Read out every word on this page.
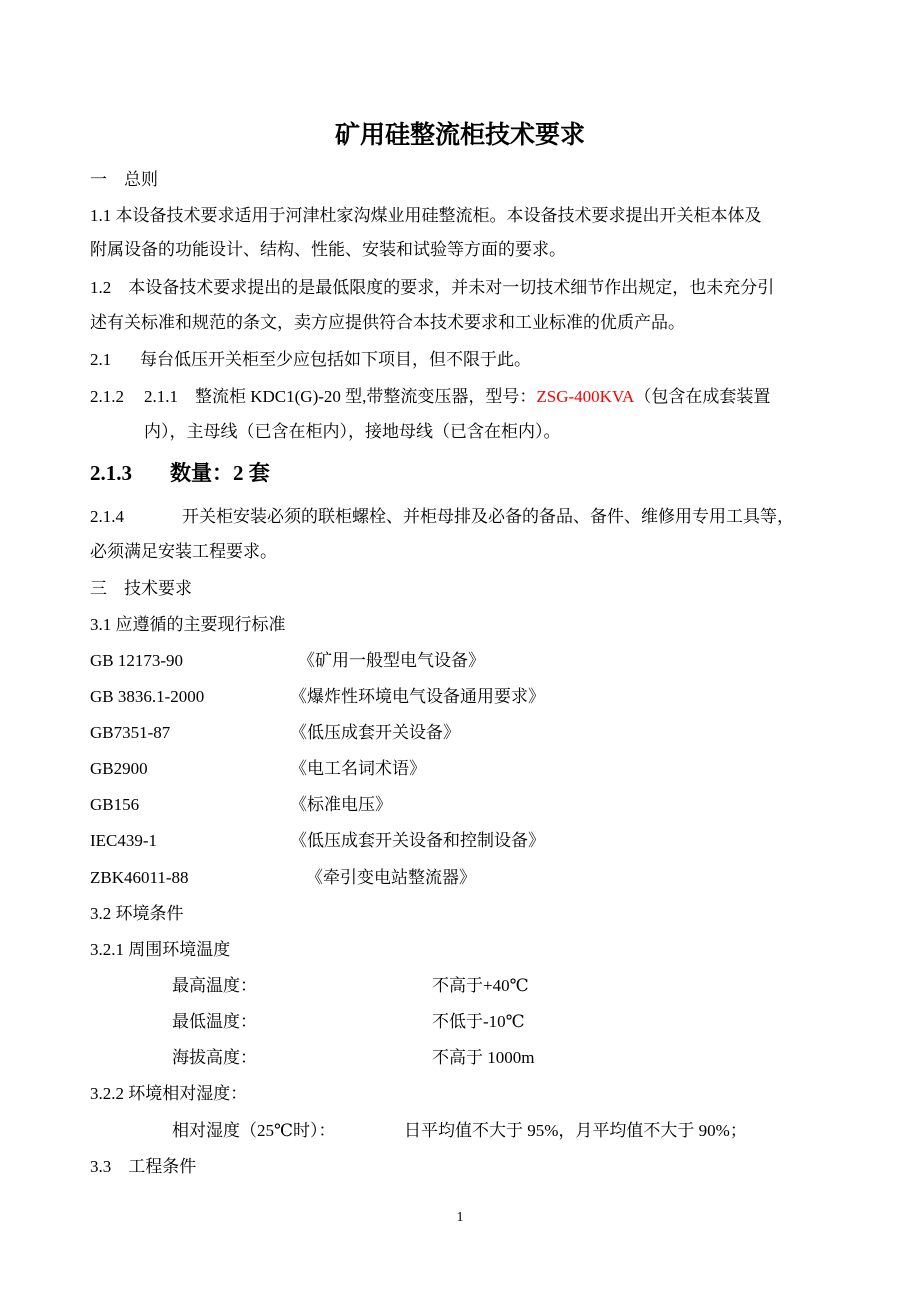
矿用硅整流柜技术要求
一　总则
1.1 本设备技术要求适用于河津杜家沟煤业用硅整流柜。本设备技术要求提出开关柜本体及
附属设备的功能设计、结构、性能、安装和试验等方面的要求。
1.2　本设备技术要求提出的是最低限度的要求，并未对一切技术细节作出规定，也未充分引
述有关标准和规范的条文，卖方应提供符合本技术要求和工业标准的优质产品。
2.1 每台低压开关柜至少应包括如下项目，但不限于此。
2.1.2 2.1.1　整流柜 KDC1(G)-20 型,带整流变压器，型号：ZSG-400KVA（包含在成套装置
内），主母线（已含在柜内），接地母线（已含在柜内）。
2.1.3 数量：2 套
2.1.4	开关柜安装必须的联柜螺栓、并柜母排及必备的备品、备件、维修用专用工具等，
必须满足安装工程要求。
三　技术要求
3.1 应遵循的主要现行标准
GB 12173-90	《矿用一般型电气设备》
GB 3836.1-2000	《爆炸性环境电气设备通用要求》
GB7351-87	《低压成套开关设备》
GB2900	《电工名词术语》
GB156	《标准电压》
IEC439-1	《低压成套开关设备和控制设备》
ZBK46011-88	《牵引变电站整流器》
3.2 环境条件
3.2.1 周围环境温度
最高温度：	不高于+40℃
最低温度：	不低于-10℃
海拔高度：	不高于 1000m
3.2.2 环境相对湿度：
相对湿度（25℃时）：	日平均值不大于 95%，月平均值不大于 90%；
3.3　工程条件
1
